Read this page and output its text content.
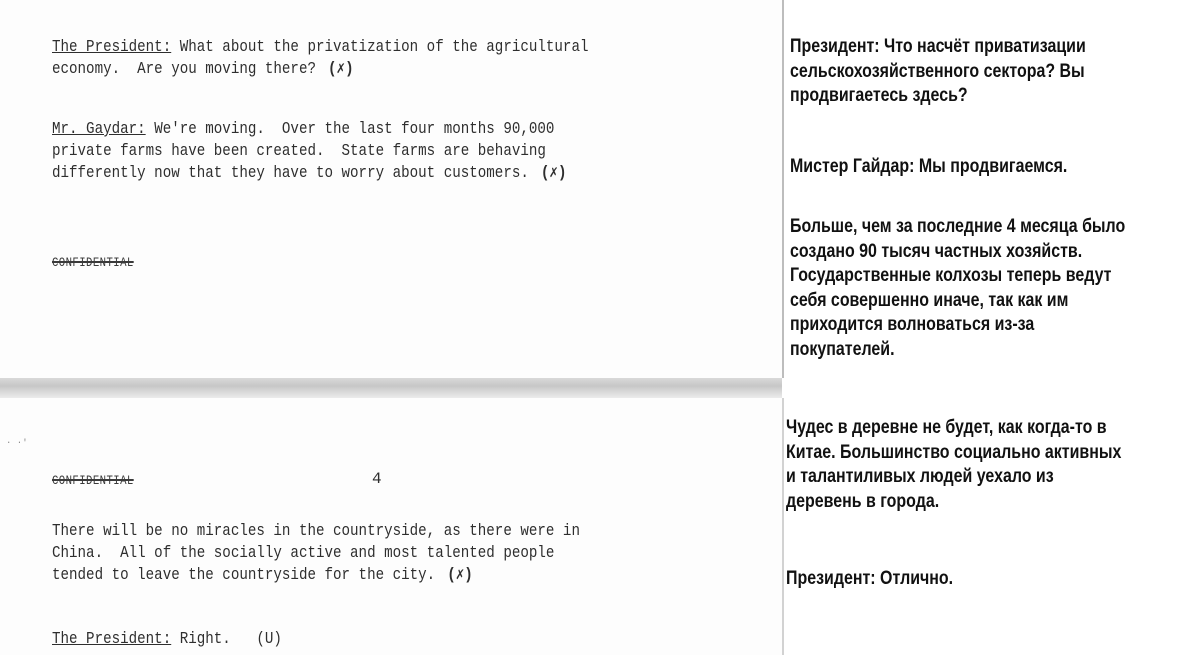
The President: What about the privatization of the agricultural
economy.  Are you moving there? (✗)
Mr. Gaydar: We're moving.  Over the last four months 90,000
private farms have been created.  State farms are behaving
differently now that they have to worry about customers. (✗)
CONFIDENTIAL
· ·'
CONFIDENTIAL	4
There will be no miracles in the countryside, as there were in
China.  All of the socially active and most talented people
tended to leave the countryside for the city. (✗)
The President: Right.   (U)
Президент: Что насчёт приватизации сельскохозяйственного сектора? Вы продвигаетесь здесь?
Мистер Гайдар: Мы продвигаемся.
Больше, чем за последние 4 месяца было создано 90 тысяч частных хозяйств. Государственные колхозы теперь ведут себя совершенно иначе, так как им приходится волноваться из-за покупателей.
Чудес в деревне не будет, как когда-то в Китае. Большинство социально активных и талантиливых людей уехало из деревень в города.
Президент: Отлично.
